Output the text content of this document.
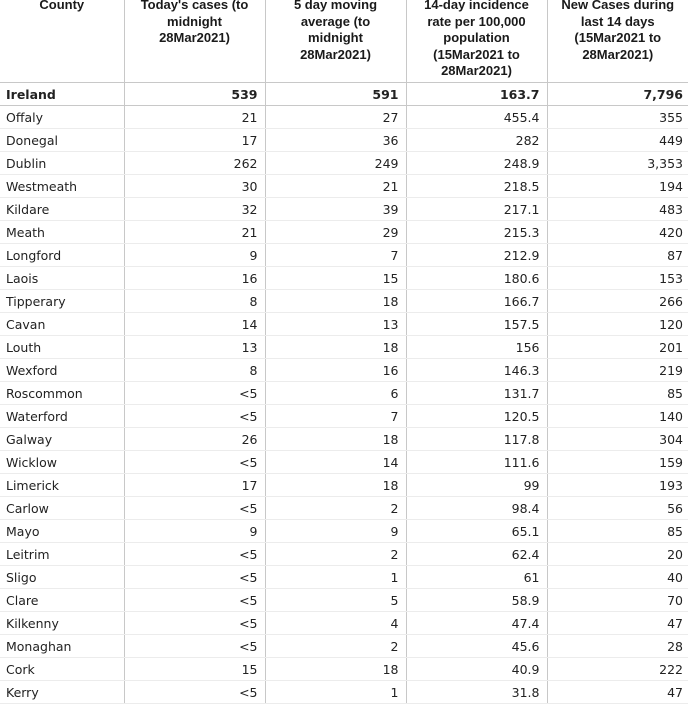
County	Today's cases (to
midnight
28Mar2021)	5 day moving
average (to
midnight
28Mar2021)	14-day incidence
rate per 100,000
population
(15Mar2021 to
28Mar2021)	New Cases during
last 14 days
(15Mar2021 to
28Mar2021)

Ireland	539	591	163.7	7,796
Offaly	21	27	455.4	355
Donegal	17	36	282	449
Dublin	262	249	248.9	3,353
Westmeath	30	21	218.5	194
Kildare	32	39	217.1	483
Meath	21	29	215.3	420
Longford	9	7	212.9	87
Laois	16	15	180.6	153
Tipperary	8	18	166.7	266
Cavan	14	13	157.5	120
Louth	13	18	156	201
Wexford	8	16	146.3	219
Roscommon	<5	6	131.7	85
Waterford	<5	7	120.5	140
Galway	26	18	117.8	304
Wicklow	<5	14	111.6	159
Limerick	17	18	99	193
Carlow	<5	2	98.4	56
Mayo	9	9	65.1	85
Leitrim	<5	2	62.4	20
Sligo	<5	1	61	40
Clare	<5	5	58.9	70
Kilkenny	<5	4	47.4	47
Monaghan	<5	2	45.6	28
Cork	15	18	40.9	222
Kerry	<5	1	31.8	47
